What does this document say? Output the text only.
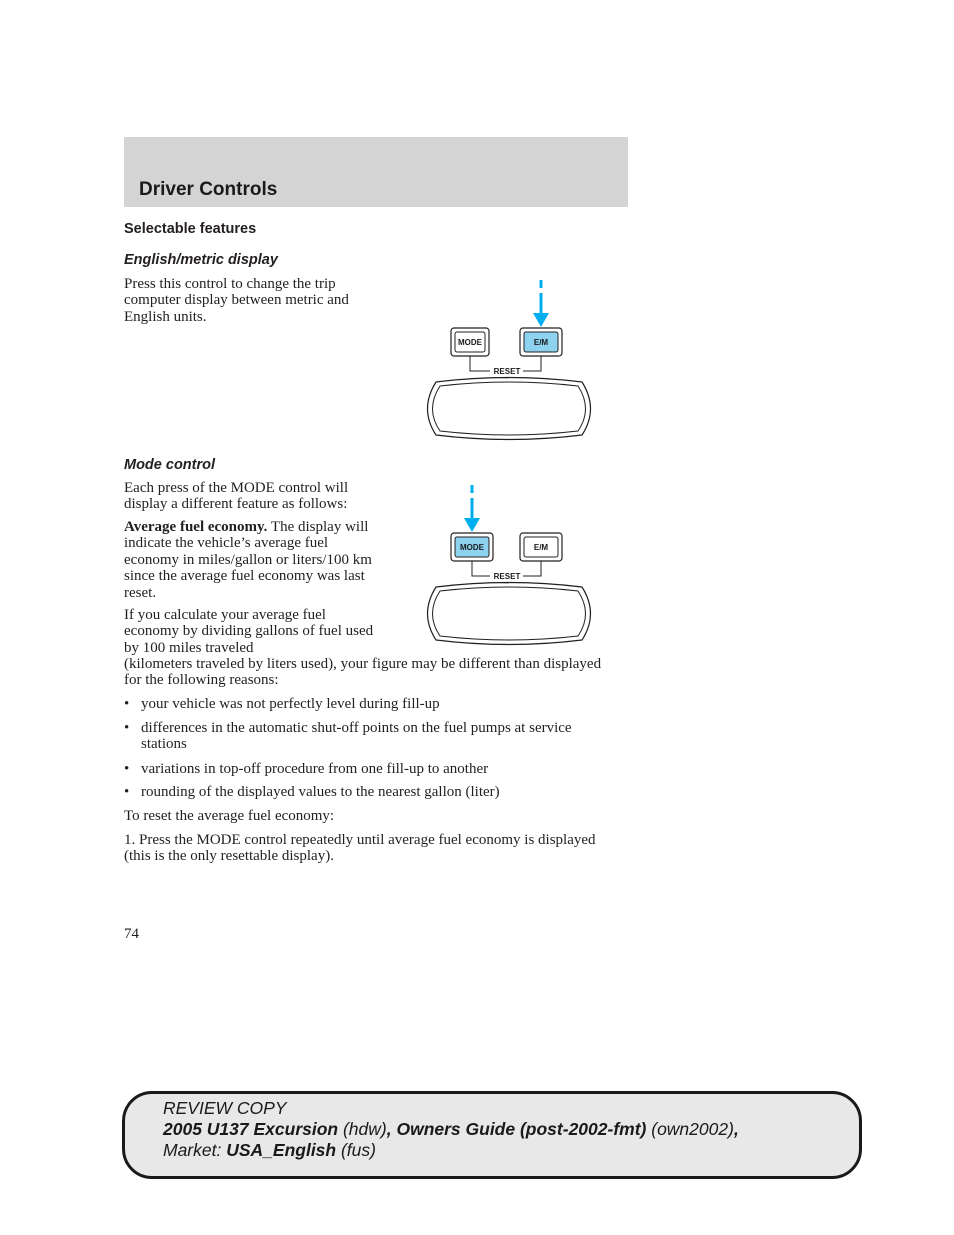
Driver Controls
Selectable features
English/metric display

Press this control to change the trip computer display between metric and English units.

MODE	E/M
RESET
Mode control

Each press of the MODE control will display a different feature as follows:

Average fuel economy. The display will indicate the vehicle’s average fuel economy in miles/gallon or liters/100 km since the average fuel economy was last reset.

If you calculate your average fuel economy by dividing gallons of fuel used by 100 miles traveled

(kilometers traveled by liters used), your figure may be different than displayed for the following reasons:

MODE	E/M
RESET
• your vehicle was not perfectly level during fill-up
• differences in the automatic shut-off points on the fuel pumps at service stations
• variations in top-off procedure from one fill-up to another
• rounding of the displayed values to the nearest gallon (liter)

To reset the average fuel economy:

1. Press the MODE control repeatedly until average fuel economy is displayed (this is the only resettable display).

74
REVIEW COPY
2005 U137 Excursion (hdw), Owners Guide (post-2002-fmt) (own2002),
Market: USA_English (fus)
